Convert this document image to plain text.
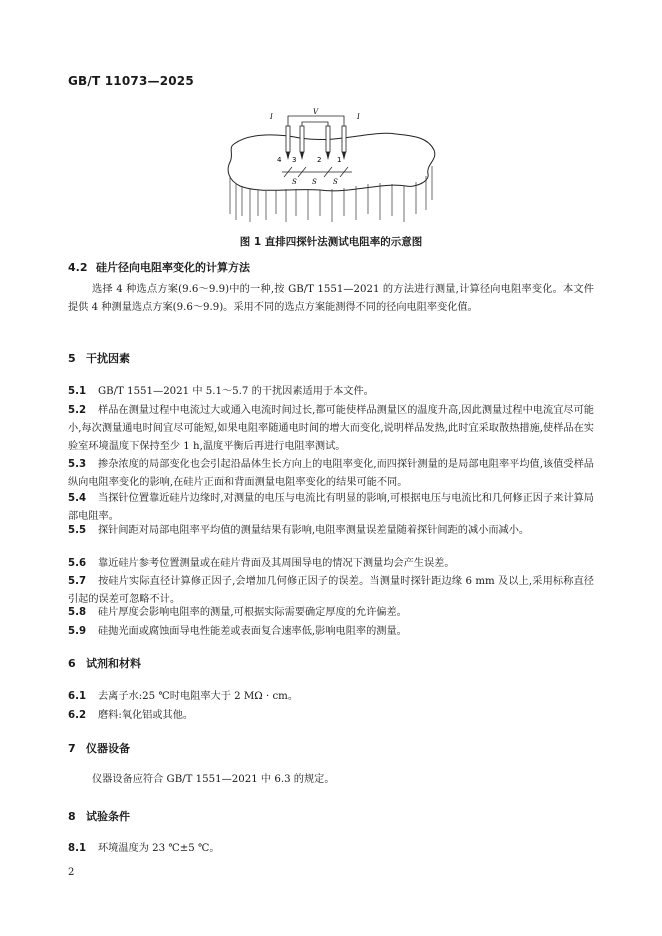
GB/T 11073—2025
I
V
I
4 3	2 1
S S S
图 1 直排四探针法测试电阻率的示意图
4.2 硅片径向电阻率变化的计算方法
选择 4 种选点方案(9.6～9.9)中的一种,按 GB/T 1551—2021 的方法进行测量,计算径向电阻率变化。本文件提供 4 种测量选点方案(9.6～9.9)。采用不同的选点方案能测得不同的径向电阻率变化值。
5 干扰因素
5.1 GB/T 1551—2021 中 5.1～5.7 的干扰因素适用于本文件。
5.2 样品在测量过程中电流过大或通入电流时间过长,都可能使样品测量区的温度升高,因此测量过程中电流宜尽可能小,每次测量通电时间宜尽可能短,如果电阻率随通电时间的增大而变化,说明样品发热,此时宜采取散热措施,使样品在实验室环境温度下保持至少 1 h,温度平衡后再进行电阻率测试。
5.3 掺杂浓度的局部变化也会引起沿晶体生长方向上的电阻率变化,而四探针测量的是局部电阻率平均值,该值受样品纵向电阻率变化的影响,在硅片正面和背面测量电阻率变化的结果可能不同。
5.4 当探针位置靠近硅片边缘时,对测量的电压与电流比有明显的影响,可根据电压与电流比和几何修正因子来计算局部电阻率。
5.5 探针间距对局部电阻率平均值的测量结果有影响,电阻率测量误差量随着探针间距的减小而减小。
5.6 靠近硅片参考位置测量或在硅片背面及其周围导电的情况下测量均会产生误差。
5.7 按硅片实际直径计算修正因子,会增加几何修正因子的误差。当测量时探针距边缘 6 mm 及以上,采用标称直径引起的误差可忽略不计。
5.8 硅片厚度会影响电阻率的测量,可根据实际需要确定厚度的允许偏差。
5.9 硅抛光面或腐蚀面导电性能差或表面复合速率低,影响电阻率的测量。
6 试剂和材料
6.1 去离子水:25 ℃时电阻率大于 2 MΩ · cm。
6.2 磨料:氧化铝或其他。
7 仪器设备
仪器设备应符合 GB/T 1551—2021 中 6.3 的规定。
8 试验条件
8.1 环境温度为 23 ℃±5 ℃。
2
